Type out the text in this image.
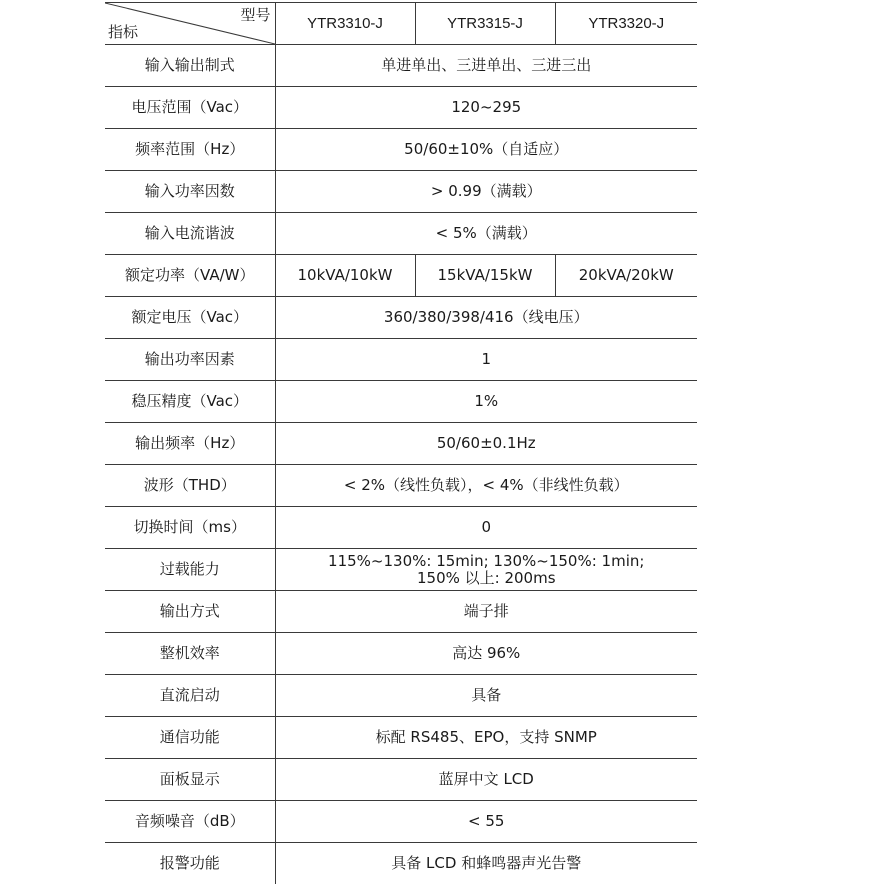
型号
指标	YTR3310-J	YTR3315-J	YTR3320-J
输入输出制式	单进单出、三进单出、三进三出		
电压范围（Vac）	120~295		
频率范围（Hz）	50/60±10%（自适应）		
输入功率因数	> 0.99（满载）		
输入电流谐波	< 5%（满载）		
额定功率（VA/W）	10kVA/10kW	15kVA/15kW	20kVA/20kW
额定电压（Vac）	360/380/398/416（线电压）		
输出功率因素	1		
稳压精度（Vac）	1%		
输出频率（Hz）	50/60±0.1Hz		
波形（THD）	< 2%（线性负载），< 4%（非线性负载）		
切换时间（ms）	0		
过载能力	115%~130%: 15min; 130%~150%: 1min;
150% 以上: 200ms		

输出方式	端子排		
整机效率	高达 96%		
直流启动	具备		
通信功能	标配 RS485、EPO，支持 SNMP		
面板显示	蓝屏中文 LCD		
音频噪音（dB）	< 55		
报警功能	具备 LCD 和蜂鸣器声光告警		
